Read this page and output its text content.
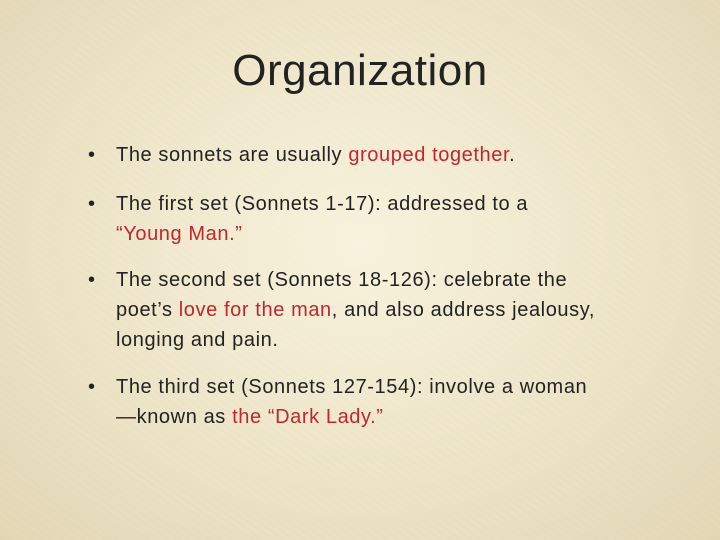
Organization
• The sonnets are usually grouped together.
• The first set (Sonnets 1-17): addressed to a “Young Man.”
• The second set (Sonnets 18-126): celebrate the poet’s love for the man, and also address jealousy, longing and pain.
• The third set (Sonnets 127-154): involve a woman—known as the “Dark Lady.”
